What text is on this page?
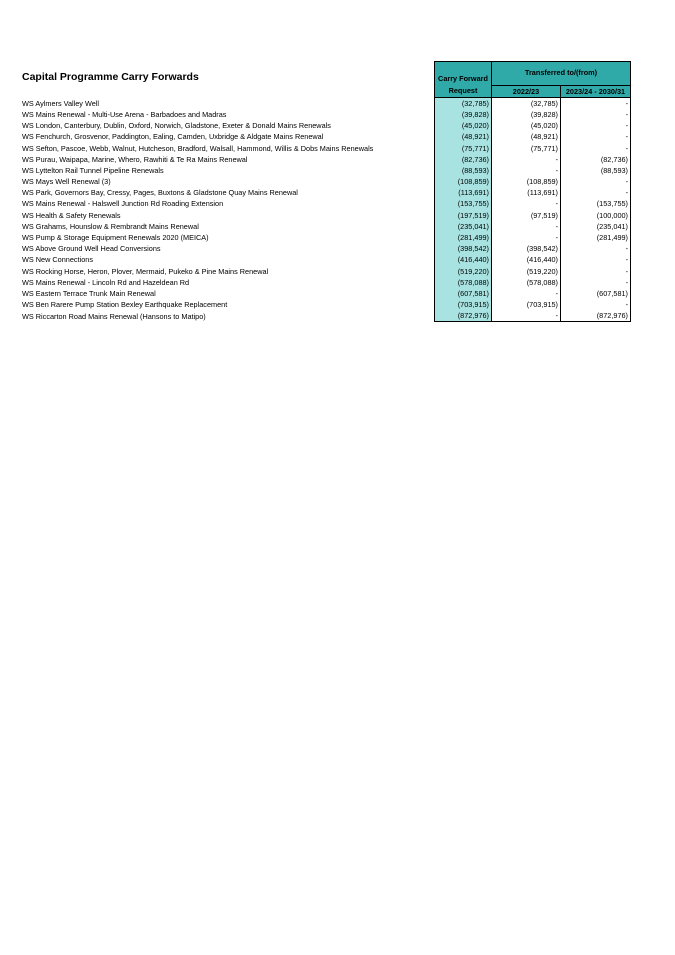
Capital Programme Carry Forwards
		Carry Forward	Transferred to/(from)	
	Request	2022/23	2023/24 - 2030/31
WS Aylmers Valley Well	(32,785)	(32,785)	-
WS Mains Renewal - Multi-Use Arena - Barbadoes and Madras	(39,828)	(39,828)	-
WS London, Canterbury, Dublin, Oxford, Norwich, Gladstone, Exeter & Donald Mains Renewals	(45,020)	(45,020)	-
WS Fenchurch, Grosvenor, Paddington, Ealing, Camden, Uxbridge & Aldgate Mains Renewal	(48,921)	(48,921)	-
WS Sefton, Pascoe, Webb, Walnut, Hutcheson, Bradford, Walsall, Hammond, Willis & Dobs Mains Renewals	(75,771)	(75,771)	-
WS Purau, Waipapa, Marine, Whero, Rawhiti & Te Ra Mains Renewal	(82,736)	-	(82,736)
WS Lyttelton Rail Tunnel Pipeline Renewals	(88,593)	-	(88,593)
WS Mays Well Renewal (3)	(108,859)	(108,859)	-
WS Park, Governors Bay, Cressy, Pages, Buxtons & Gladstone Quay Mains Renewal	(113,691)	(113,691)	-
WS Mains Renewal - Halswell Junction Rd Roading Extension	(153,755)	-	(153,755)
WS Health & Safety Renewals	(197,519)	(97,519)	(100,000)
WS Grahams, Hounslow & Rembrandt Mains Renewal	(235,041)	-	(235,041)
WS Pump & Storage Equipment Renewals 2020 (MEICA)	(281,499)	-	(281,499)
WS Above Ground Well Head Conversions	(398,542)	(398,542)	-
WS New Connections	(416,440)	(416,440)	-
WS Rocking Horse, Heron, Plover, Mermaid, Pukeko & Pine Mains Renewal	(519,220)	(519,220)	-
WS Mains Renewal - Lincoln Rd and Hazeldean Rd	(578,088)	(578,088)	-
WS Eastern Terrace Trunk Main Renewal	(607,581)	-	(607,581)
WS Ben Rarere Pump Station Bexley Earthquake Replacement	(703,915)	(703,915)	-
WS Riccarton Road Mains Renewal (Hansons to Matipo)	(872,976)	-	(872,976)
